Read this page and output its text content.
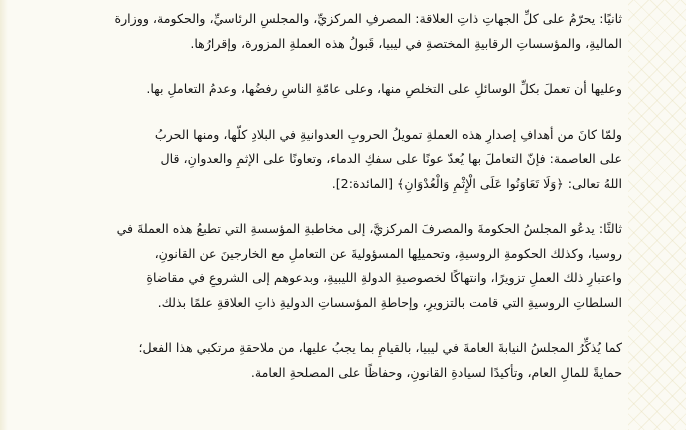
ثانيًا: يحرّمُ على كلِّ الجهاتِ ذاتِ العلاقة: المصرفِ المركزيِّ، والمجلسِ الرئاسيِّ، والحكومة، ووزارة

الماليةِ، والمؤسساتِ الرقابيةِ المختصةِ في ليبيا، قَبولُ هذه العملةِ المزورة، وإقرارُها.

وعليها أن تعملَ بكلِّ الوسائلِ على التخلصِ منها، وعلى عامّةِ الناسِ رفضُها، وعدمُ التعاملِ بها.

ولمّا كانَ من أهدافِ إصدارِ هذه العملةِ تمويلُ الحروبِ العدوانيةِ في البلادِ كلّها، ومنها الحربُ

على العاصمة: فإنّ التعاملَ بها يُعدّ عونًا على سفكِ الدماء، وتعاونًا على الإثمِ والعدوانِ، قال

اللهُ تعالى: ﴿وَلَا تَعَاوَنُوا عَلَى الْإِثْمِ وَالْعُدْوَانِ﴾ [المائدة:2].

ثالثًا: يدعُو المجلسُ الحكومةَ والمصرفَ المركزيَّ، إلى مخاطبةِ المؤسسةِ التي تطبعُ هذه العملةَ في

روسيا، وكذلك الحكومةِ الروسيةِ، وتحميلِها المسؤوليةَ عن التعاملِ مع الخارجينَ عن القانونِ،

واعتبارِ ذلك العملِ تزويرًا، وانتهاكًا لخصوصيةِ الدولةِ الليبيةِ، وبدعوهم إلى الشروعِ في مقاضاةِ

السلطاتِ الروسيةِ التي قامت بالتزويرِ، وإحاطةِ المؤسساتِ الدوليةِ ذاتِ العلاقةِ علمًا بذلك.

كما يُذكِّرُ المجلسُ النيابةَ العامةَ في ليبيا، بالقيامِ بما يجبُ عليها، من ملاحقةِ مرتكبي هذا الفعل؛

حمايةً للمالِ العام، وتأكيدًا لسيادةِ القانونِ، وحفاظًا على المصلحةِ العامة.
